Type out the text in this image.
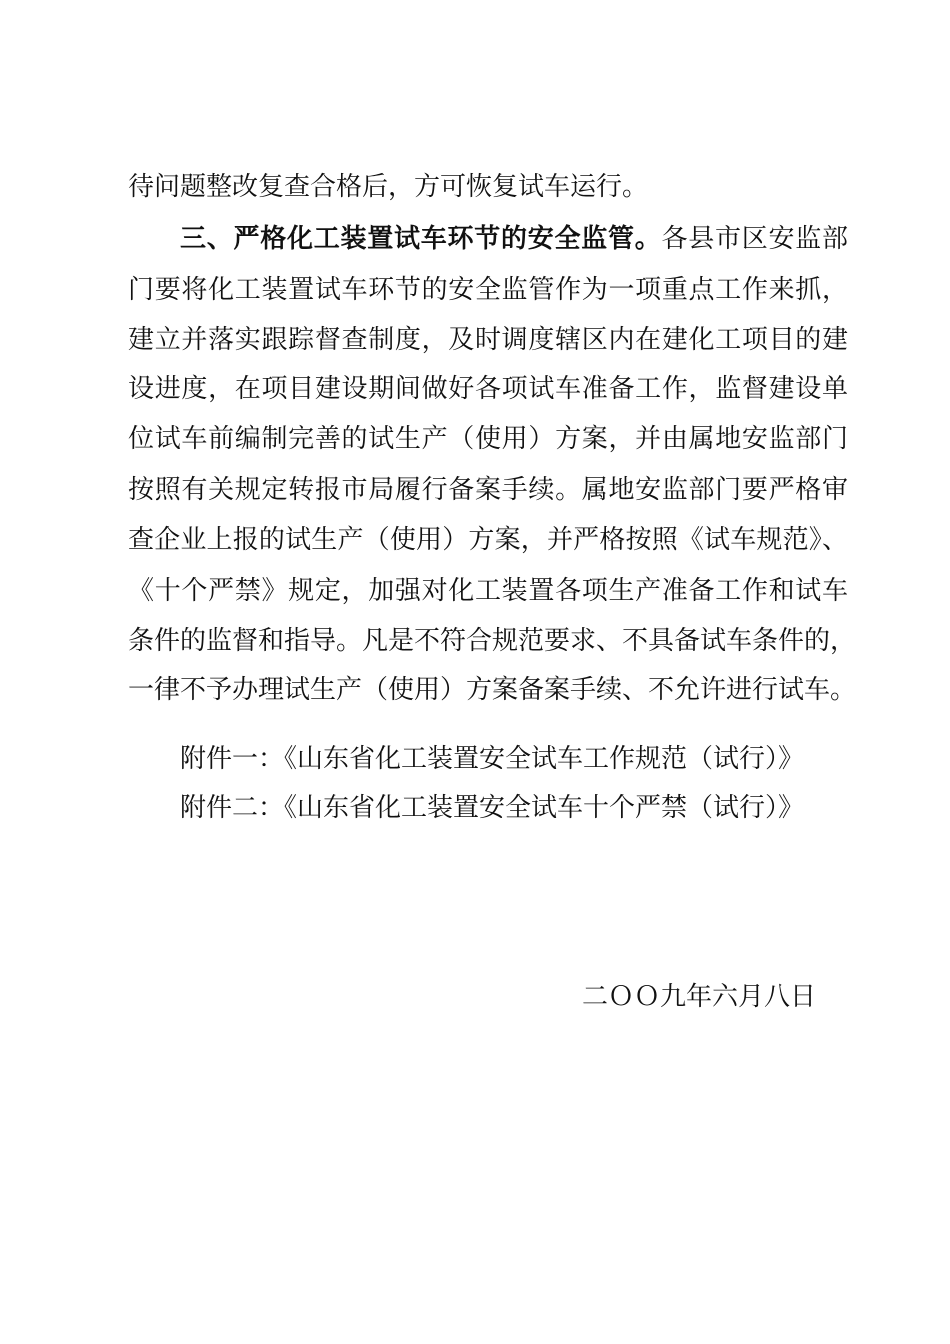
待问题整改复查合格后，方可恢复试车运行。
三、严格化工装置试车环节的安全监管。各县市区安监部
门要将化工装置试车环节的安全监管作为一项重点工作来抓，
建立并落实跟踪督查制度，及时调度辖区内在建化工项目的建
设进度，在项目建设期间做好各项试车准备工作，监督建设单
位试车前编制完善的试生产（使用）方案，并由属地安监部门
按照有关规定转报市局履行备案手续。属地安监部门要严格审
查企业上报的试生产（使用）方案，并严格按照《试车规范》、
《十个严禁》规定，加强对化工装置各项生产准备工作和试车
条件的监督和指导。凡是不符合规范要求、不具备试车条件的，
一律不予办理试生产（使用）方案备案手续、不允许进行试车。
附件一：《山东省化工装置安全试车工作规范（试行）》
附件二：《山东省化工装置安全试车十个严禁（试行）》
二ＯＯ九年六月八日
